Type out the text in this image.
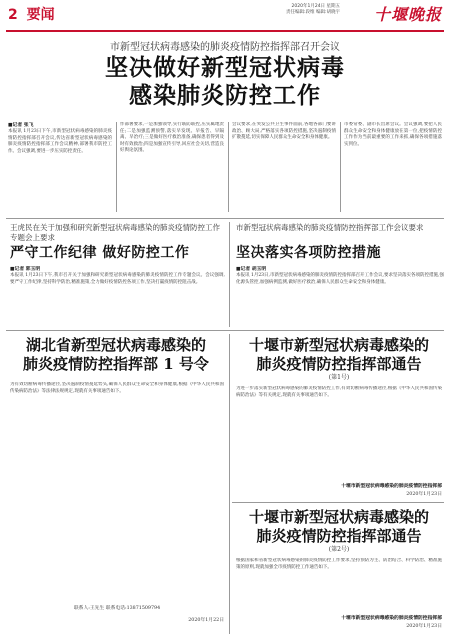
2 要闻
2020年1月24日 星期五
责任编辑:段维 编辑:胡晓宇 十堰晚报
市新型冠状病毒感染的肺炎疫情防控指挥部召开会议
坚决做好新型冠状病毒
感染肺炎防控工作
■记者 张飞
本报讯 1月23日下午,市新型冠状病毒感染的肺炎疫情防控指挥部召开会议,传达省新型冠状病毒感染的肺炎疫情防控指挥部工作会议精神,部署我市防控工作。会议强调,要进一步压实防控责任。
作部署要求,一是加强领导,实行联防联控,压实属地责任;二是加强监测预警,落实早发现、早报告、早隔离、早治疗;三是做好医疗救治准备,确保患者得到及时有效救治;四是加强宣传引导,回应社会关切,营造良好舆论氛围。
会议要求,在突发公共卫生事件面前,各地各部门要讲政治、顾大局,严格落实各项防控措施,坚决遏制疫情扩散蔓延,切实保障人民群众生命安全和身体健康。
市委常委、副市长出席会议。会议强调,要把人民群众生命安全和身体健康放在第一位,把疫情防控工作作为当前最重要的工作来抓,确保各项措施落实到位。
王虎民在关于加强和研究新型冠状病毒感染的肺炎疫情防控工作专题会上要求
严守工作纪律 做好防控工作
■记者 郭玉明
本报讯 1月23日下午,我市召开关于加强和研究新型冠状病毒感染的肺炎疫情防控工作专题会议。会议强调,要严守工作纪律,坚持科学防治,精准施策,全力做好疫情防控各项工作,坚决打赢疫情防控阻击战。
市新型冠状病毒感染的肺炎疫情防控指挥部工作会议要求
坚决落实各项防控措施
■记者 胡玉明
本报讯 1月23日,市新型冠状病毒感染的肺炎疫情防控指挥部召开工作会议,要求坚决落实各项防控措施,强化源头管控,加强病例监测,做好医疗救治,确保人民群众生命安全和身体健康。
湖北省新型冠状病毒感染的
肺炎疫情防控指挥部 1 号令
为有效切断病毒传播途径,坚决遏制疫情蔓延势头,确保人民群众生命安全和身体健康,根据《中华人民共和国传染病防治法》等法律法规规定,现就有关事项通告如下。
联系人:王先生 联系电话:13871509794
2020年1月22日
十堰市新型冠状病毒感染的
肺炎疫情防控指挥部通告
(第1号)
为进一步落实新型冠状病毒感染的肺炎疫情防控工作,有效切断病毒传播途径,根据《中华人民共和国传染病防治法》等有关规定,现就有关事项通告如下。
十堰市新型冠状病毒感染的肺炎疫情防控指挥部
2020年1月23日
十堰市新型冠状病毒感染的
肺炎疫情防控指挥部通告
(第2号)
根据国家和省新型冠状病毒感染的肺炎疫情防控工作要求,坚持预防为主、防治结合、科学防治、精准施策的原则,现就加强全市疫情防控工作通告如下。
十堰市新型冠状病毒感染的肺炎疫情防控指挥部
2020年1月23日
